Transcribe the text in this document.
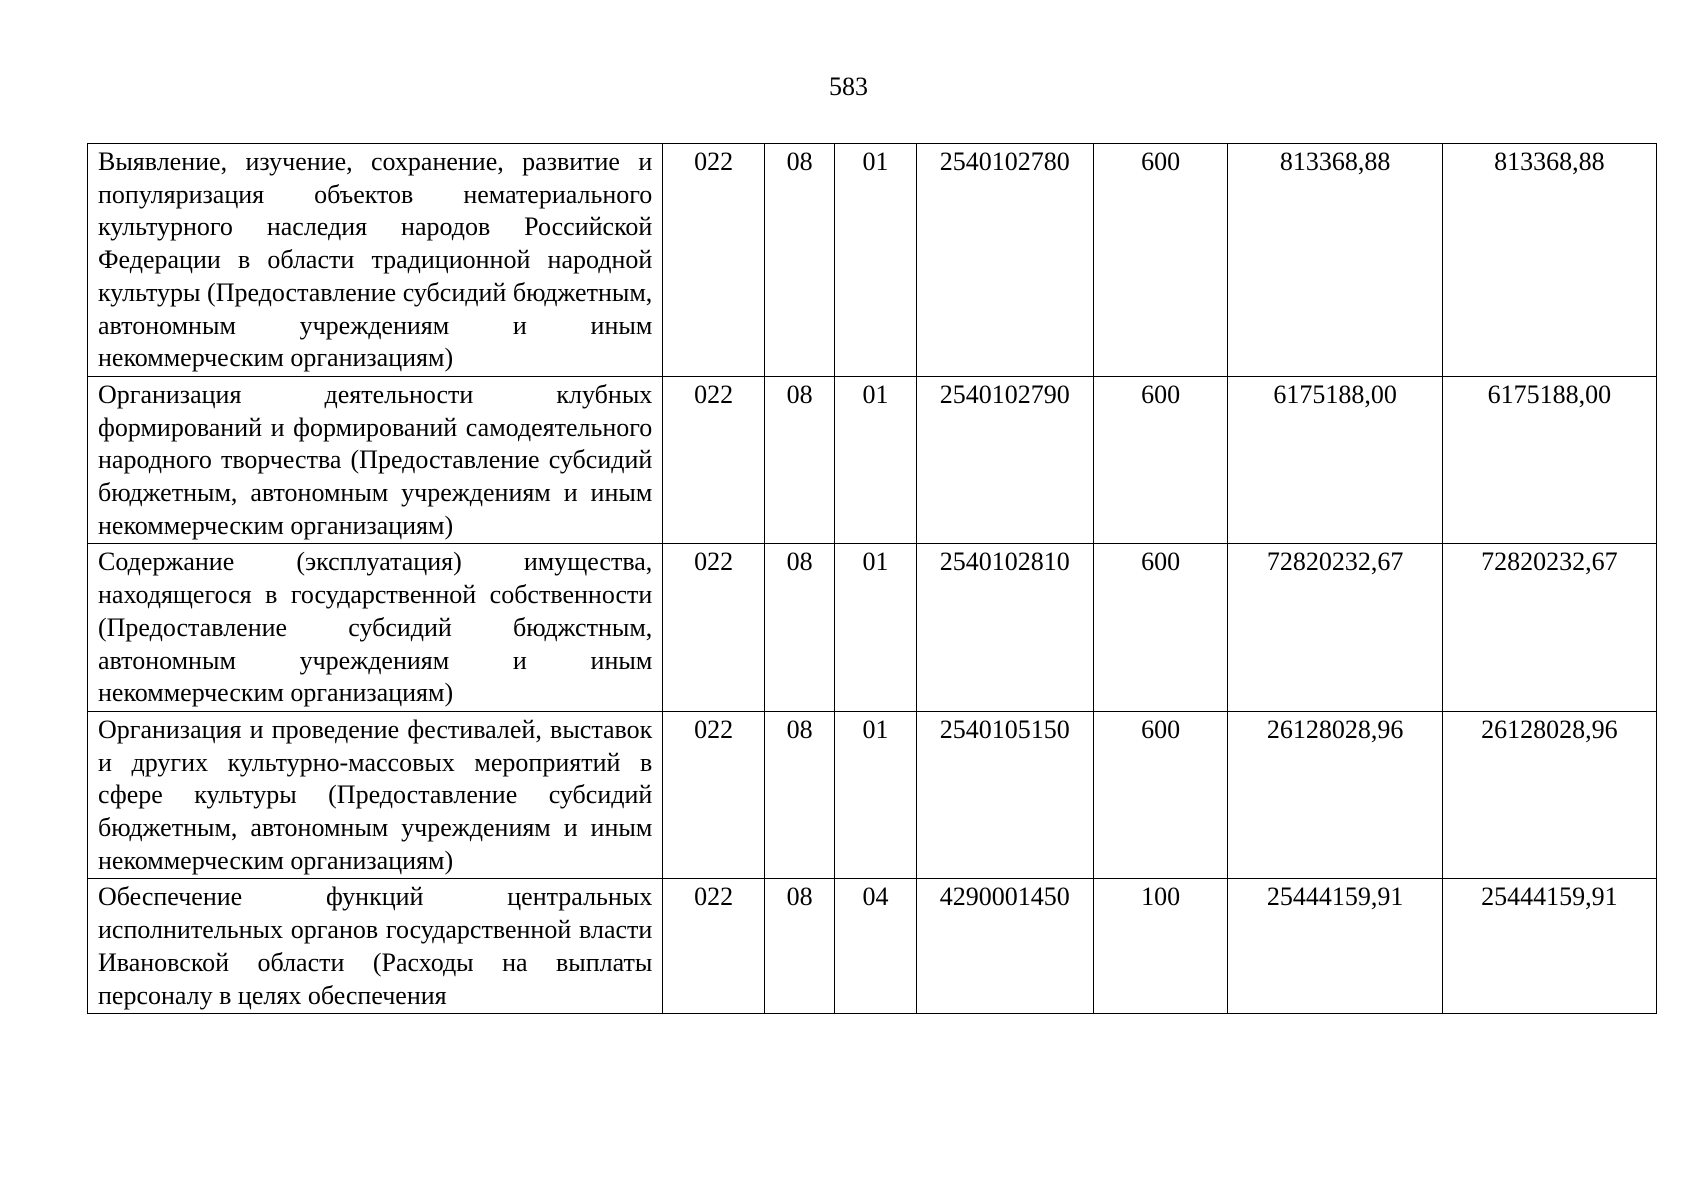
583
Выявление, изучение, сохранение, развитие и популяризация объектов нематериального культурного наследия народов Российской Федерации в области традиционной народной культуры (Предоставление субсидий бюджетным, автономным учреждениям и иным некоммерческим организациям)	022	08	01	2540102780	600	813368,88	813368,88
Организация деятельности клубных формирований и формирований самодеятельного народного творчества (Предоставление субсидий бюджетным, автономным учреждениям и иным некоммерческим организациям)	022	08	01	2540102790	600	6175188,00	6175188,00
Содержание (эксплуатация) имущества, находящегося в государственной собственности (Предоставление субсидий бюджстным, автономным учреждениям и иным некоммерческим организациям)	022	08	01	2540102810	600	72820232,67	72820232,67
Организация и проведение фестивалей, выставок и других культурно-массовых мероприятий в сфере культуры (Предоставление субсидий бюджетным, автономным учреждениям и иным некоммерческим организациям)	022	08	01	2540105150	600	26128028,96	26128028,96
Обеспечение функций центральных исполнительных органов государственной власти Ивановской области (Расходы на выплаты персоналу в целях обеспечения	022	08	04	4290001450	100	25444159,91	25444159,91
